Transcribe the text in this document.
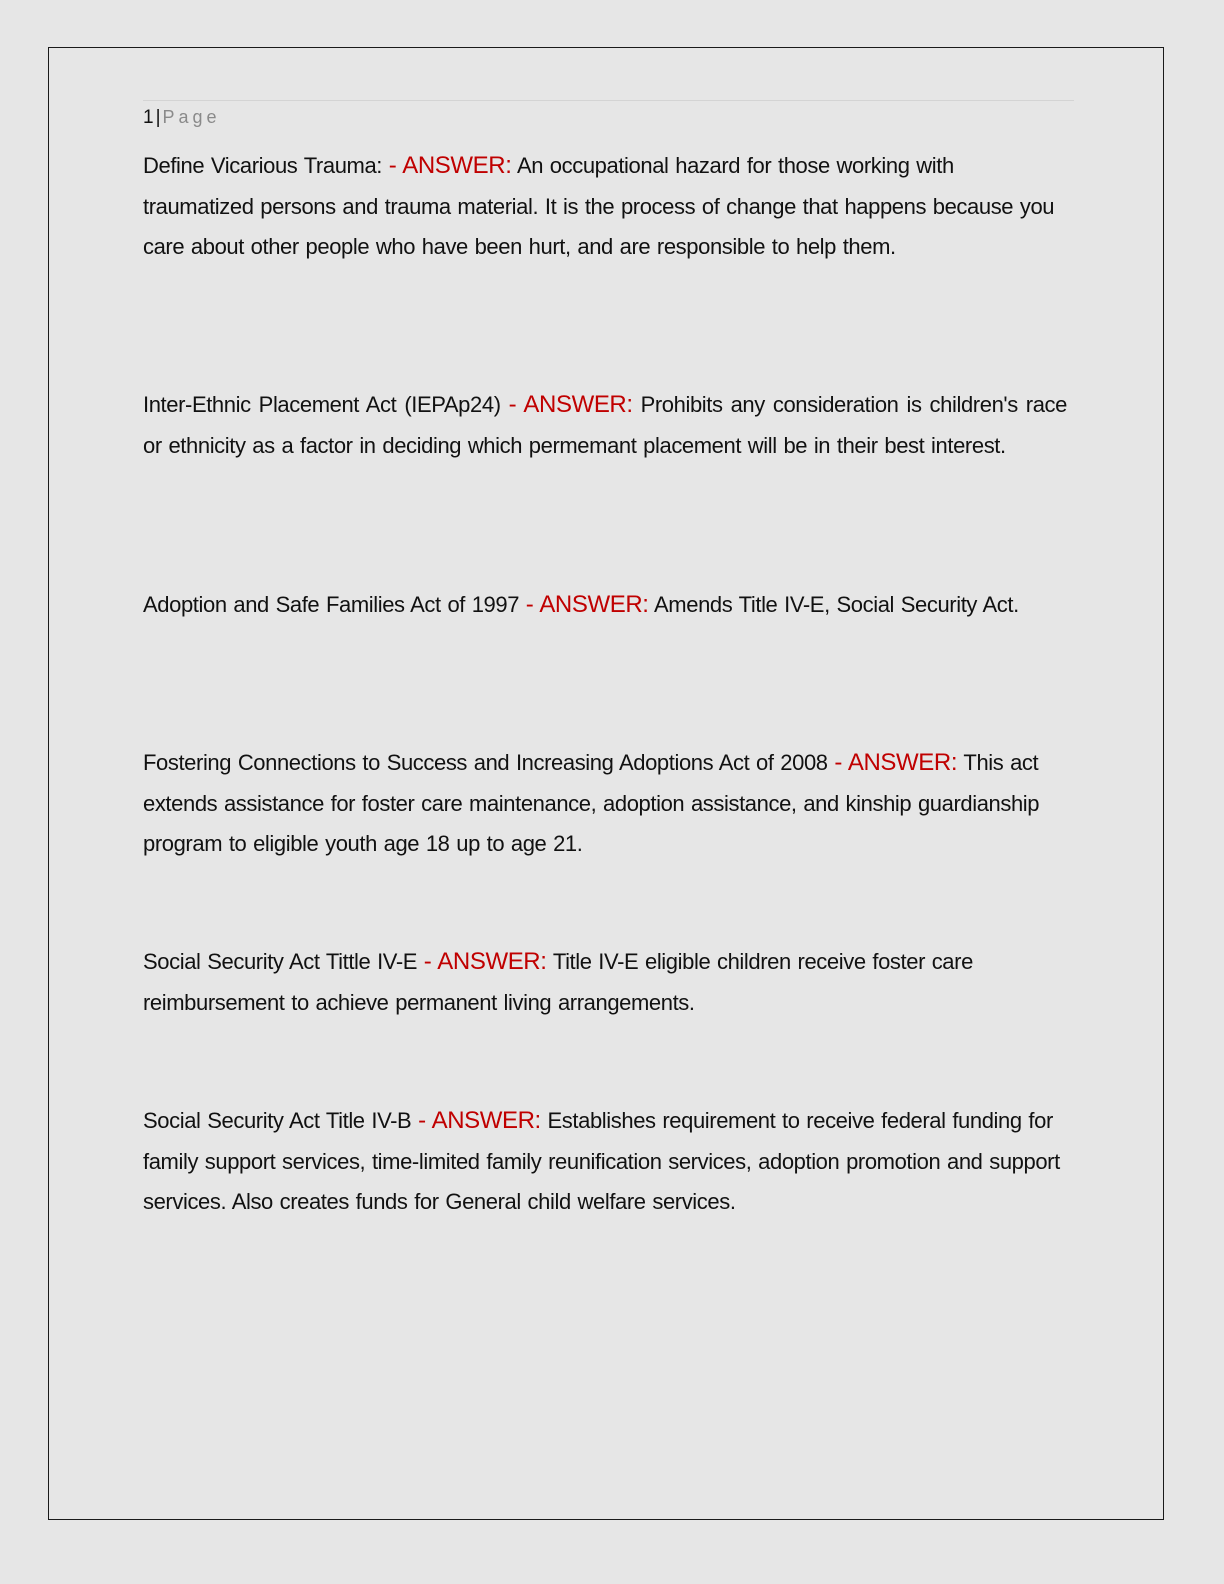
1 | Page

Define Vicarious Trauma: - ANSWER: An occupational hazard for those working with traumatized persons and trauma material. It is the process of change that happens because you care about other people who have been hurt, and are responsible to help them.

Inter-Ethnic Placement Act (IEPAp24) - ANSWER: Prohibits any consideration is children's race or ethnicity as a factor in deciding which permemant placement will be in their best interest.

Adoption and Safe Families Act of 1997 - ANSWER: Amends Title IV-E, Social Security Act.

Fostering Connections to Success and Increasing Adoptions Act of 2008 - ANSWER: This act extends assistance for foster care maintenance, adoption assistance, and kinship guardianship program to eligible youth age 18 up to age 21.

Social Security Act Tittle IV-E - ANSWER: Title IV-E eligible children receive foster care reimbursement to achieve permanent living arrangements.

Social Security Act Title IV-B - ANSWER: Establishes requirement to receive federal funding for family support services, time-limited family reunification services, adoption promotion and support services. Also creates funds for General child welfare services.
